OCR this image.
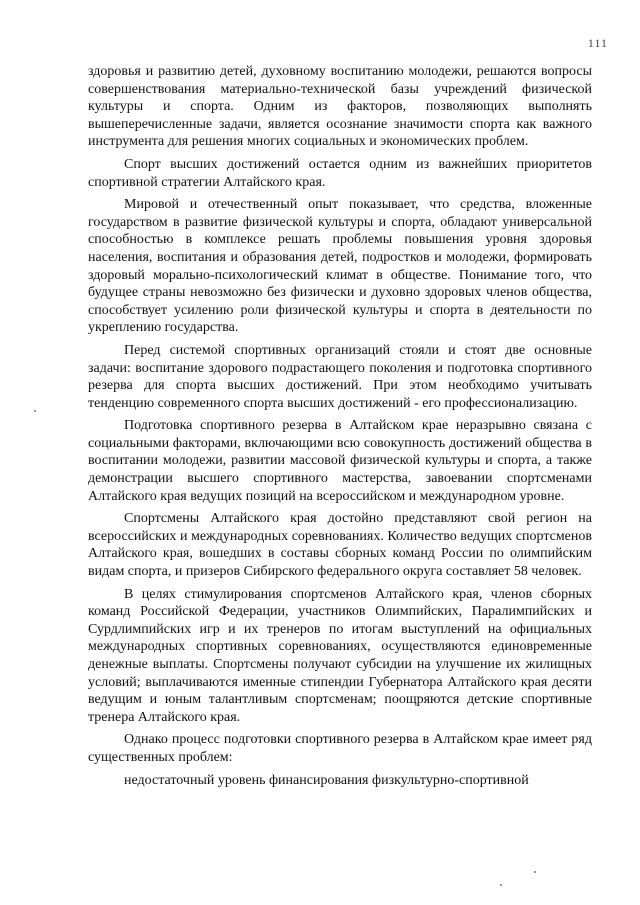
111

здоровья и развитию детей, духовному воспитанию молодежи, решаются вопросы совершенствования материально-технической базы учреждений физической культуры и спорта. Одним из факторов, позволяющих выполнять вышеперечисленные задачи, является осознание значимости спорта как важного инструмента для решения многих социальных и экономических проблем.

Спорт высших достижений остается одним из важнейших приоритетов спортивной стратегии Алтайского края.

Мировой и отечественный опыт показывает, что средства, вложенные государством в развитие физической культуры и спорта, обладают универсальной способностью в комплексе решать проблемы повышения уровня здоровья населения, воспитания и образования детей, подростков и молодежи, формировать здоровый морально-психологический климат в обществе. Понимание того, что будущее страны невозможно без физически и духовно здоровых членов общества, способствует усилению роли физической культуры и спорта в деятельности по укреплению государства.

Перед системой спортивных организаций стояли и стоят две основные задачи: воспитание здорового подрастающего поколения и подготовка спортивного резерва для спорта высших достижений. При этом необходимо учитывать тенденцию современного спорта высших достижений - его профессионализацию.

Подготовка спортивного резерва в Алтайском крае неразрывно связана с социальными факторами, включающими всю совокупность достижений общества в воспитании молодежи, развитии массовой физической культуры и спорта, а также демонстрации высшего спортивного мастерства, завоевании спортсменами Алтайского края ведущих позиций на всероссийском и международном уровне.

Спортсмены Алтайского края достойно представляют свой регион на всероссийских и международных соревнованиях. Количество ведущих спортсменов Алтайского края, вошедших в составы сборных команд России по олимпийским видам спорта, и призеров Сибирского федерального округа составляет 58 человек.

В целях стимулирования спортсменов Алтайского края, членов сборных команд Российской Федерации, участников Олимпийских, Паралимпийских и Сурдлимпийских игр и их тренеров по итогам выступлений на официальных международных спортивных соревнованиях, осуществляются единовременные денежные выплаты. Спортсмены получают субсидии на улучшение их жилищных условий; выплачиваются именные стипендии Губернатора Алтайского края десяти ведущим и юным талантливым спортсменам; поощряются детские спортивные тренера Алтайского края.

Однако процесс подготовки спортивного резерва в Алтайском крае имеет ряд существенных проблем:

недостаточный уровень финансирования физкультурно-спортивной
